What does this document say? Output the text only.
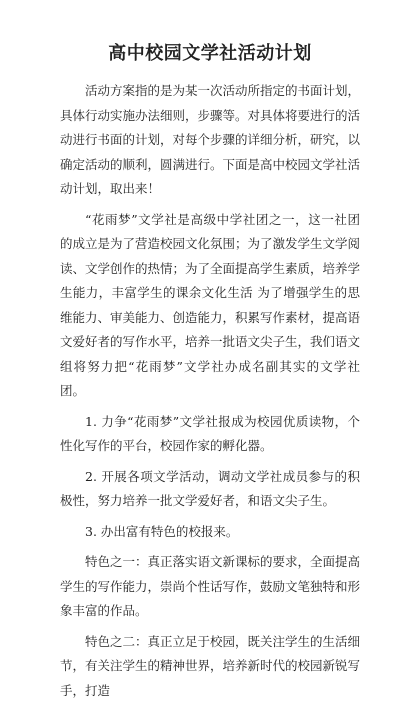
高中校园文学社活动计划

活动方案指的是为某一次活动所指定的书面计划，具体行动实施办法细则，步骤等。对具体将要进行的活动进行书面的计划，对每个步骤的详细分析，研究，以确定活动的顺利，圆满进行。下面是高中校园文学社活动计划，取出来！

“花雨梦”文学社是高级中学社团之一，这一社团的成立是为了营造校园文化氛围；为了激发学生文学阅读、文学创作的热情；为了全面提高学生素质，培养学生能力，丰富学生的课余文化生活 为了增强学生的思维能力、审美能力、创造能力，积累写作素材，提高语文爱好者的写作水平，培养一批语文尖子生，我们语文组将努力把“花雨梦”文学社办成名副其实的文学社团。

1. 力争“花雨梦”文学社报成为校园优质读物，个性化写作的平台，校园作家的孵化器。

2. 开展各项文学活动，调动文学社成员参与的积极性，努力培养一批文学爱好者，和语文尖子生。

3. 办出富有特色的校报来。

特色之一：真正落实语文新课标的要求，全面提高学生的写作能力，崇尚个性话写作，鼓励文笔独特和形象丰富的作品。

特色之二：真正立足于校园，既关注学生的生活细节，有关注学生的精神世界，培养新时代的校园新锐写手，打造
